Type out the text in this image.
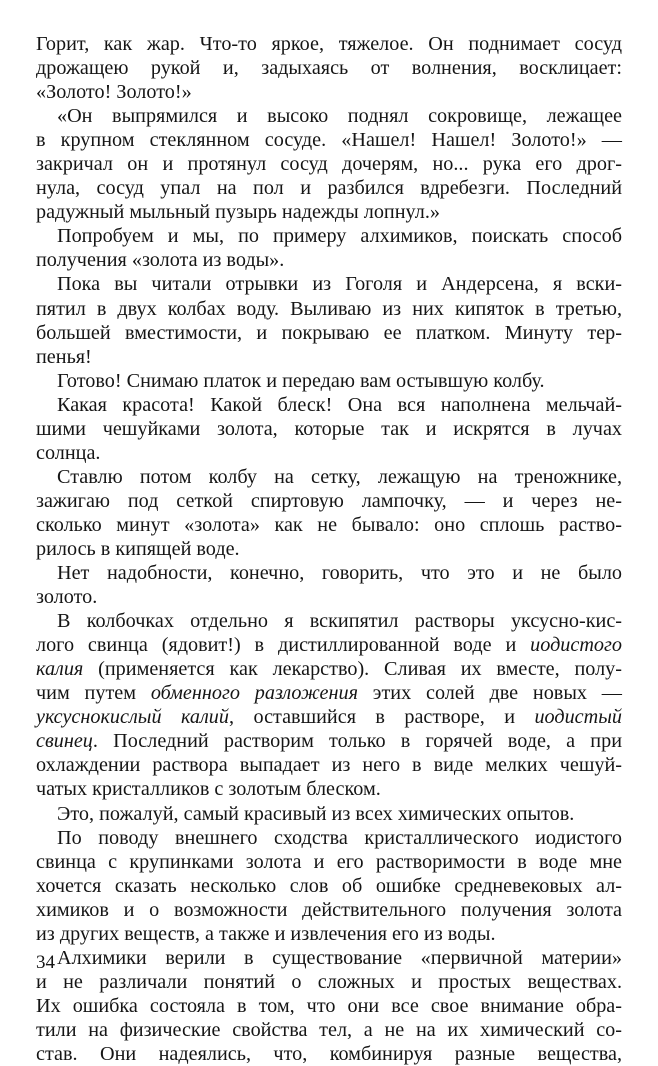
Горит, как жар. Что-то яркое, тяжелое. Он поднимает сосуд
дрожащею рукой и, задыхаясь от волнения, восклицает:
«Золото! Золото!»
«Он выпрямился и высоко поднял сокровище, лежащее
в крупном стеклянном сосуде. «Нашел! Нашел! Золото!» —
закричал он и протянул сосуд дочерям, но... рука его дрог-
нула, сосуд упал на пол и разбился вдребезги. Последний
радужный мыльный пузырь надежды лопнул.»
Попробуем и мы, по примеру алхимиков, поискать способ
получения «золота из воды».
Пока вы читали отрывки из Гоголя и Андерсена, я вски-
пятил в двух колбах воду. Выливаю из них кипяток в третью,
большей вместимости, и покрываю ее платком. Минуту тер-
пенья!
Готово! Снимаю платок и передаю вам остывшую колбу.
Какая красота! Какой блеск! Она вся наполнена мельчай-
шими чешуйками золота, которые так и искрятся в лучах
солнца.
Ставлю потом колбу на сетку, лежащую на треножнике,
зажигаю под сеткой спиртовую лампочку, — и через не-
сколько минут «золота» как не бывало: оно сплошь раство-
рилось в кипящей воде.
Нет надобности, конечно, говорить, что это и не было
золото.
В колбочках отдельно я вскипятил растворы уксусно-кис-
лого свинца (ядовит!) в дистиллированной воде и иодистого
калия (применяется как лекарство). Сливая их вместе, полу-
чим путем обменного разложения этих солей две новых —
уксуснокислый калий, оставшийся в растворе, и иодистый
свинец. Последний растворим только в горячей воде, а при
охлаждении раствора выпадает из него в виде мелких чешуй-
чатых кристалликов с золотым блеском.
Это, пожалуй, самый красивый из всех химических опытов.
По поводу внешнего сходства кристаллического иодистого
свинца с крупинками золота и его растворимости в воде мне
хочется сказать несколько слов об ошибке средневековых ал-
химиков и о возможности действительного получения золота
из других веществ, а также и извлечения его из воды.
Алхимики верили в существование «первичной материи»
и не различали понятий о сложных и простых веществах.
Их ошибка состояла в том, что они все свое внимание обра-
тили на физические свойства тел, а не на их химический со-
став. Они надеялись, что, комбинируя разные вещества,
34
